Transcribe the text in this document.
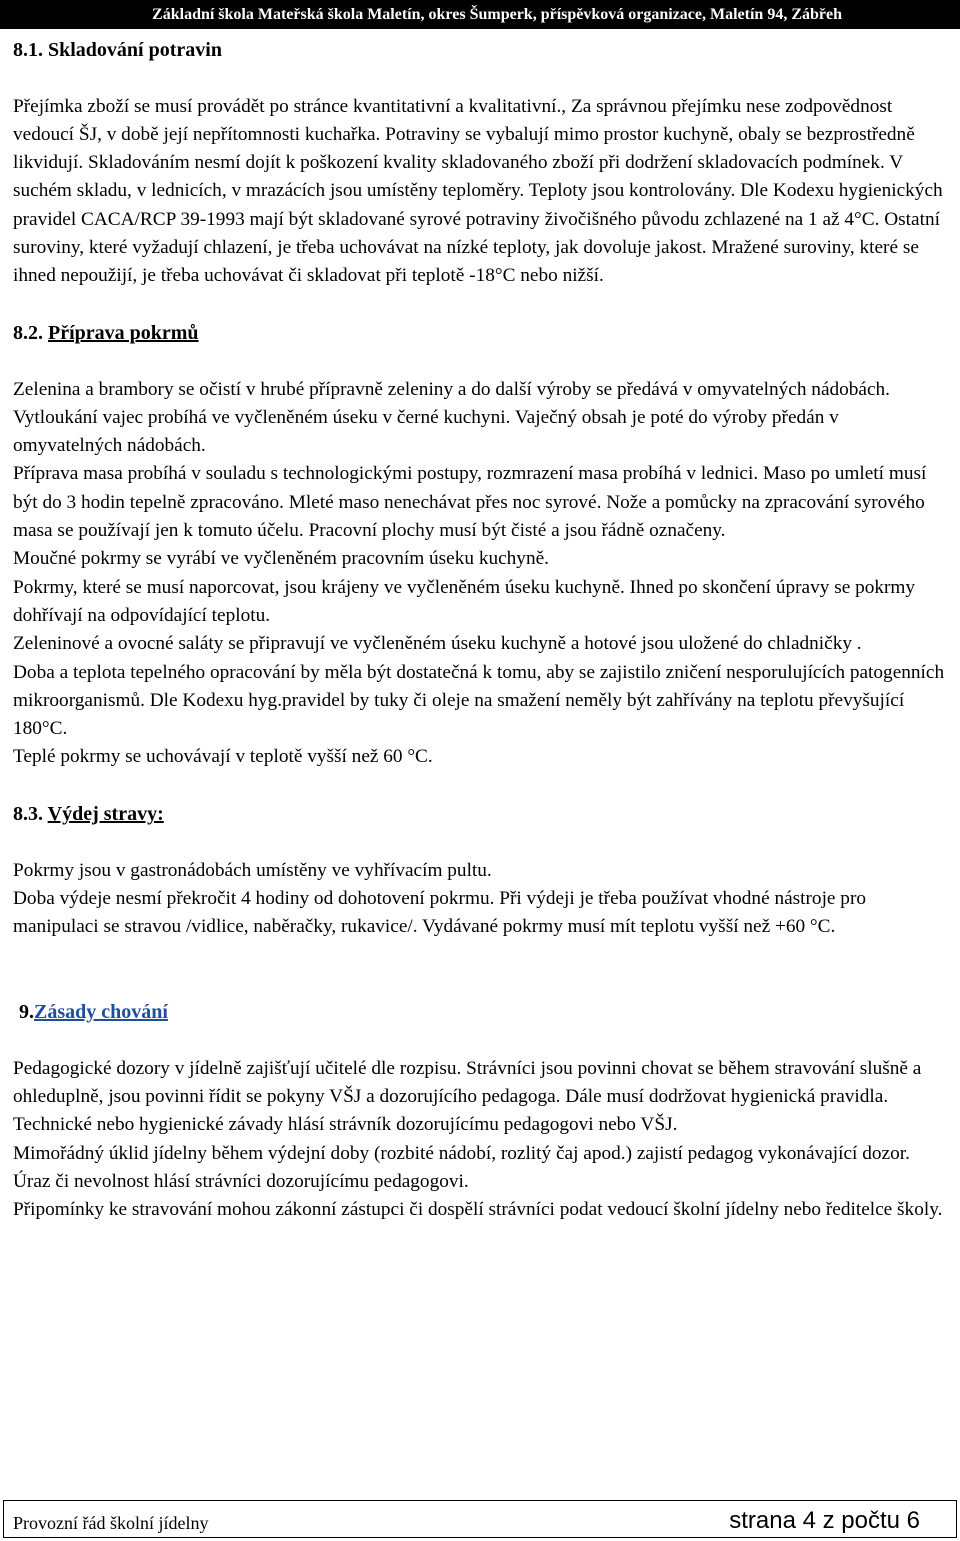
Základní škola Mateřská škola Maletín, okres Šumperk, příspěvková organizace, Maletín 94, Zábřeh

8.1. Skladování potravin

Přejímka zboží se musí provádět po stránce kvantitativní a kvalitativní., Za správnou přejímku nese zodpovědnost vedoucí ŠJ, v době její nepřítomnosti kuchařka. Potraviny se vybalují mimo prostor kuchyně, obaly se bezprostředně likvidují. Skladováním nesmí dojít k poškození kvality skladovaného zboží při dodržení skladovacích podmínek. V suchém skladu, v lednicích, v mrazácích jsou umístěny teploměry. Teploty jsou kontrolovány. Dle Kodexu hygienických pravidel CACA/RCP 39-1993 mají být skladované syrové potraviny živočišného původu zchlazené na 1 až 4°C. Ostatní suroviny, které vyžadují chlazení, je třeba uchovávat na nízké teploty, jak dovoluje jakost. Mražené suroviny, které se ihned nepoužijí, je třeba uchovávat či skladovat při teplotě -18°C nebo nižší.

8.2. Příprava pokrmů

Zelenina a brambory se očistí v hrubé přípravně zeleniny a do další výroby se předává v omyvatelných nádobách.

Vytloukání vajec probíhá ve vyčleněném úseku v černé kuchyni. Vaječný obsah je poté do výroby předán v omyvatelných nádobách.

Příprava masa probíhá v souladu s technologickými postupy, rozmrazení masa probíhá v lednici. Maso po umletí musí být do 3 hodin tepelně zpracováno. Mleté maso nenechávat přes noc syrové. Nože a pomůcky na zpracování syrového masa se používají jen k tomuto účelu. Pracovní plochy musí být čisté a jsou řádně označeny.

Moučné pokrmy se vyrábí ve vyčleněném pracovním úseku kuchyně.

Pokrmy, které se musí naporcovat, jsou krájeny ve vyčleněném úseku kuchyně. Ihned po skončení úpravy se pokrmy dohřívají na odpovídající teplotu.

Zeleninové a ovocné saláty se připravují ve vyčleněném úseku kuchyně a hotové jsou uložené do chladničky .

Doba a teplota tepelného opracování by měla být dostatečná k tomu, aby se zajistilo zničení nesporulujících patogenních mikroorganismů. Dle Kodexu hyg.pravidel by tuky či oleje na smažení neměly být zahřívány na teplotu převyšující 180°C.

Teplé pokrmy se uchovávají v teplotě vyšší než 60 °C.

8.3. Výdej stravy:

Pokrmy jsou v gastronádobách umístěny ve vyhřívacím pultu.

Doba výdeje nesmí překročit 4 hodiny od dohotovení pokrmu. Při výdeji je třeba používat vhodné nástroje pro manipulaci se stravou /vidlice, naběračky, rukavice/. Vydávané pokrmy musí mít teplotu vyšší než +60 °C.

9.Zásady chování

Pedagogické dozory v jídelně zajišťují učitelé dle rozpisu. Strávníci jsou povinni chovat se během stravování slušně a ohleduplně, jsou povinni řídit se pokyny VŠJ a dozorujícího pedagoga. Dále musí dodržovat hygienická pravidla.

Technické nebo hygienické závady hlásí strávník dozorujícímu pedagogovi nebo VŠJ.

Mimořádný úklid jídelny během výdejní doby (rozbité nádobí, rozlitý čaj apod.) zajistí pedagog vykonávající dozor. Úraz či nevolnost hlásí strávníci dozorujícímu pedagogovi.

Připomínky ke stravování mohou zákonní zástupci či dospělí strávníci podat vedoucí školní jídelny nebo ředitelce školy.

Provozní řád školní jídelny	strana 4 z počtu 6
